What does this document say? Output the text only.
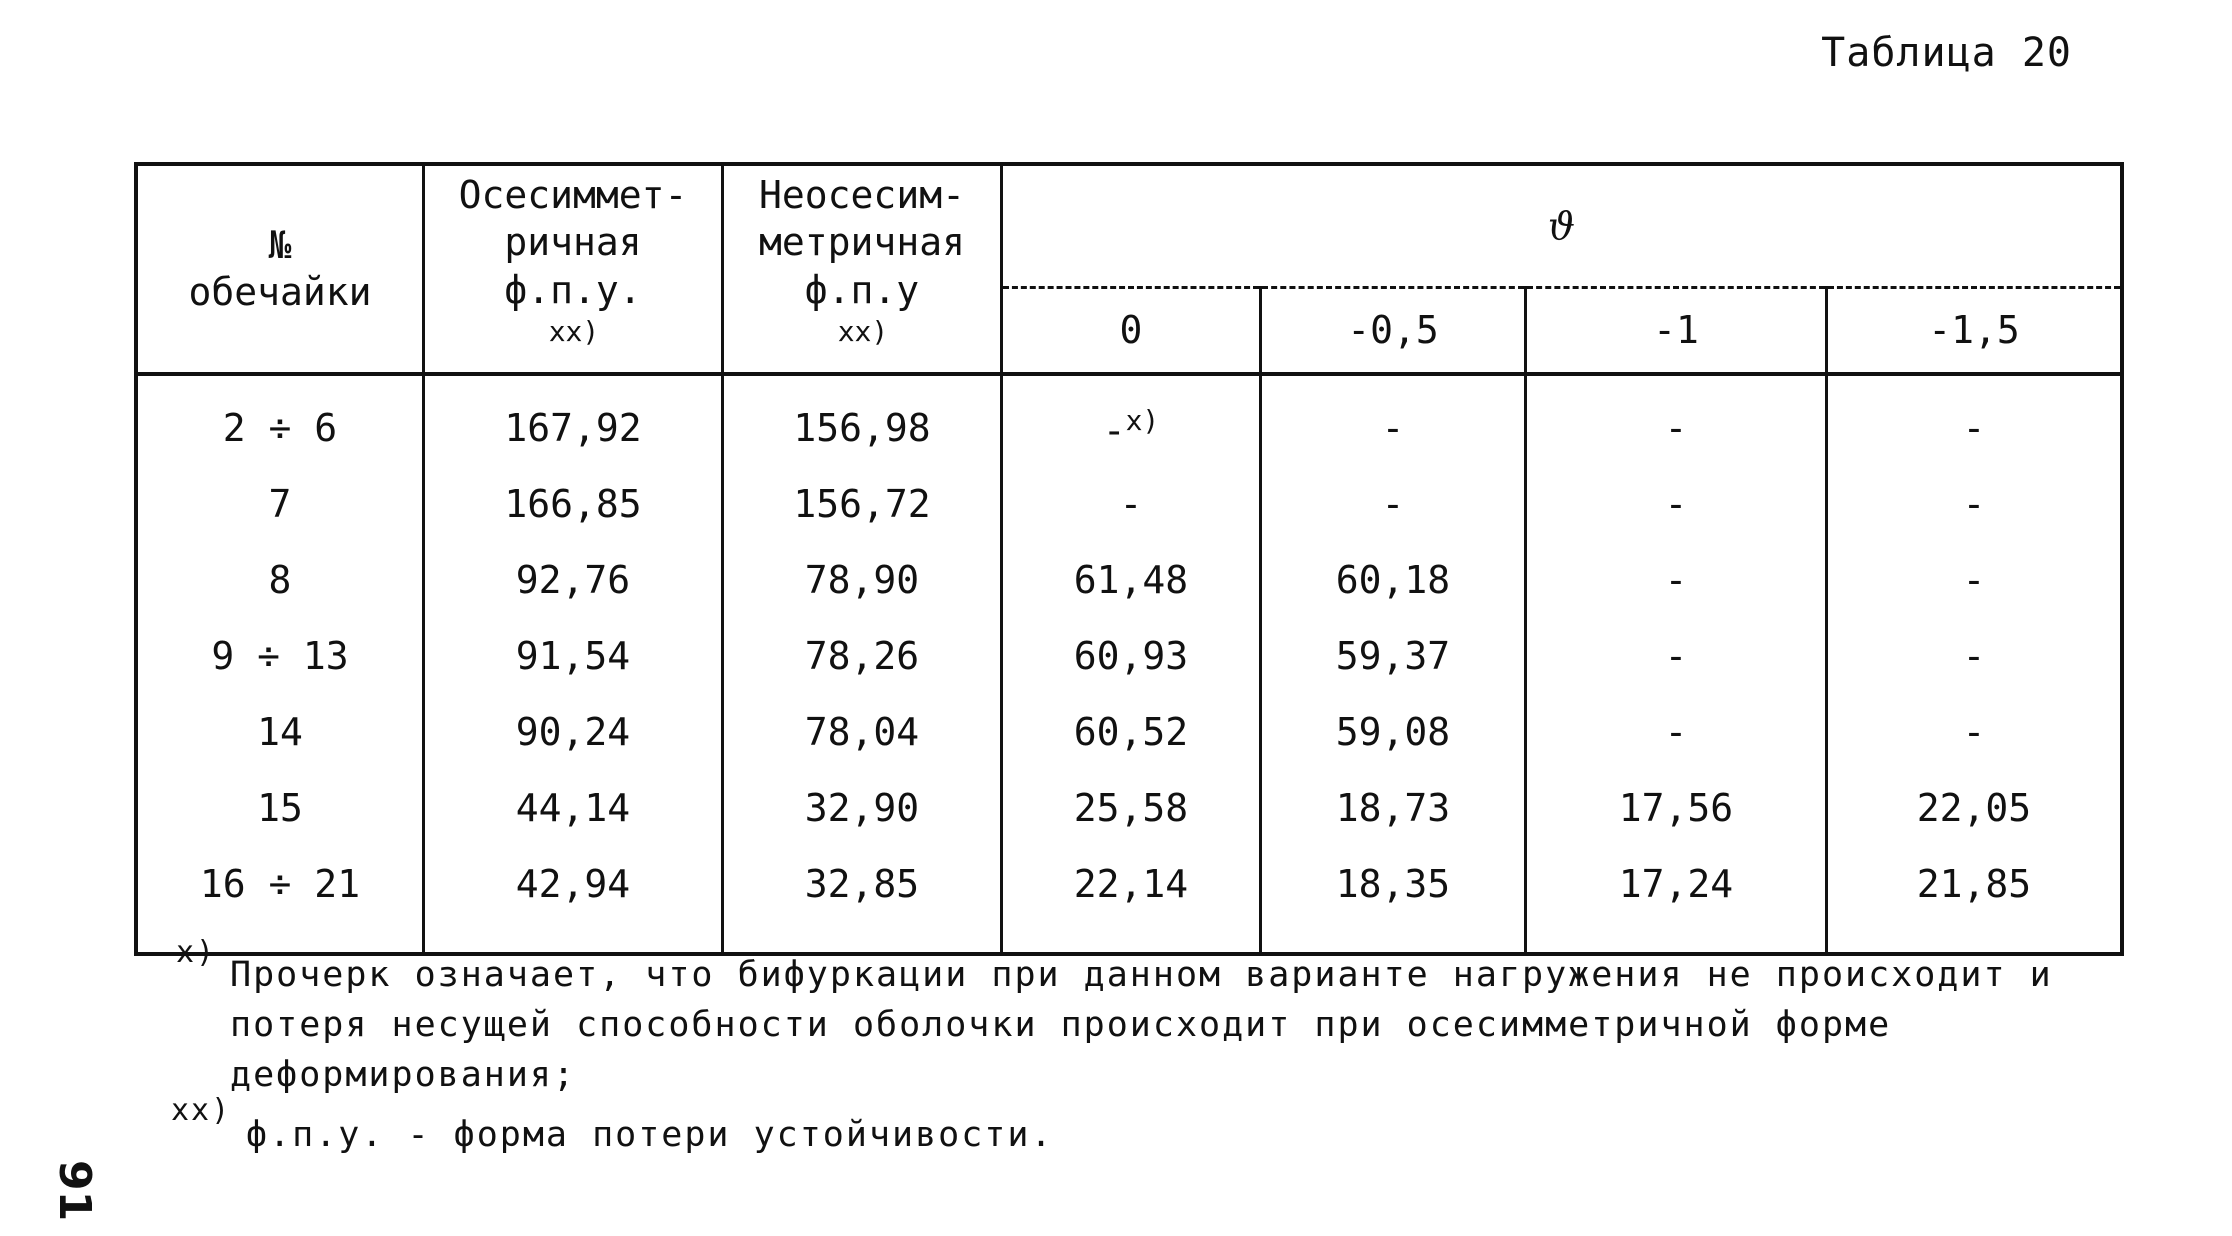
Таблица 20
№ обечайки	Осесиммет-ричная ф.п.у.$^{xx)}$	Неосесим-метричная $ф.п.у^{xx)}$	ϑ			
			0	-0,5	-1	-1,5
2 ÷ 6	167,92	156,98	-$^{x)}$	-	-	-
7	166,85	156,72	-	-	-	-
8	92,76	78,90	61,48	60,18	-	-
9 ÷ 13	91,54	78,26	60,93	59,37	-	-
14	90,24	78,04	60,52	59,08	-	-
15	44,14	32,90	25,58	18,73	17,56	22,05
16 ÷ 21	42,94	32,85	22,14	18,35	17,24	21,85
x)
Прочерк означает, что бифуркации при данном варианте нагружения не происходит и потеря несущей способности оболочки происходит при осесимметричной форме деформирования;
xx)
ф.п.у. - форма потери устойчивости.
91
